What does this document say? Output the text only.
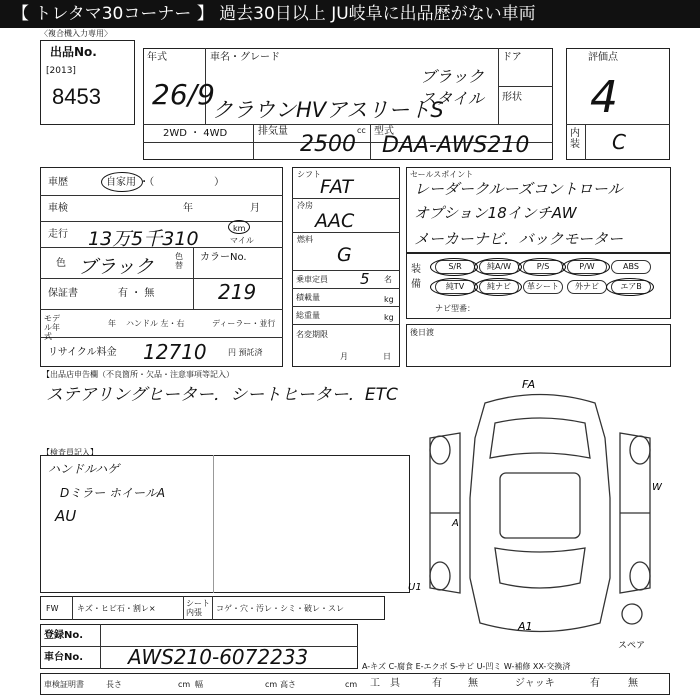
【 トレタマ30コーナー 】 過去30日以上 JU岐阜に出品歴がない車両
〈複合機入力専用〉
出品No.
[2013]
8453
年式
26/9
車名・グレード
クラウンHVアスリートS
ブラック スタイル
ドア
形状
2WD ・ 4WD	排気量
2500
cc 型式
DAA-AWS210
評価点
4
内装 C
車歴	自家用 ・（　　　　　　）
車検	年	月
走行 13万5千310	km
マイル
色 ブラック	色替
カラーNo.
219
保証書	有 ・ 無
モデル年式
年 ハンドル 左・右	ディーラー・並行
リサイクル料金 12710	円 預託済
シフト
FAT
冷房
AAC
燃料
G
乗車定員 5 名
積載量	kg
総重量	kg
名変期限
月	日
セールスポイント
レーダークルーズコントロール
オプション18インチAW
メーカーナビ．バックモーター
装備
S/R	純A/W	P/S	P/W	ABS
純TV	純ナビ	革シート	外ナビ	エアB
ナビ型番：
後日渡
【出品店申告欄（不良箇所・欠品・注意事項等記入）
ステアリングヒーター．シートヒーター．ETC
【検査員記入】
ハンドルハゲ
Dミラー ホイールA
AU
FW キズ・ヒビ石・割レ×
シート内張	コゲ・穴・汚レ・シミ・破レ・スレ
登録No.
車台No. AWS210-6072233	A-キズ C-腐食 E-エクボ S-サビ U-凹ミ W-補修 XX-交換済
車検証明書	長さ	cm 幅	cm 高さ	cm 工　具	有	無	ジャッキ	有	無
FA
A
U1
A1
W
スペア
